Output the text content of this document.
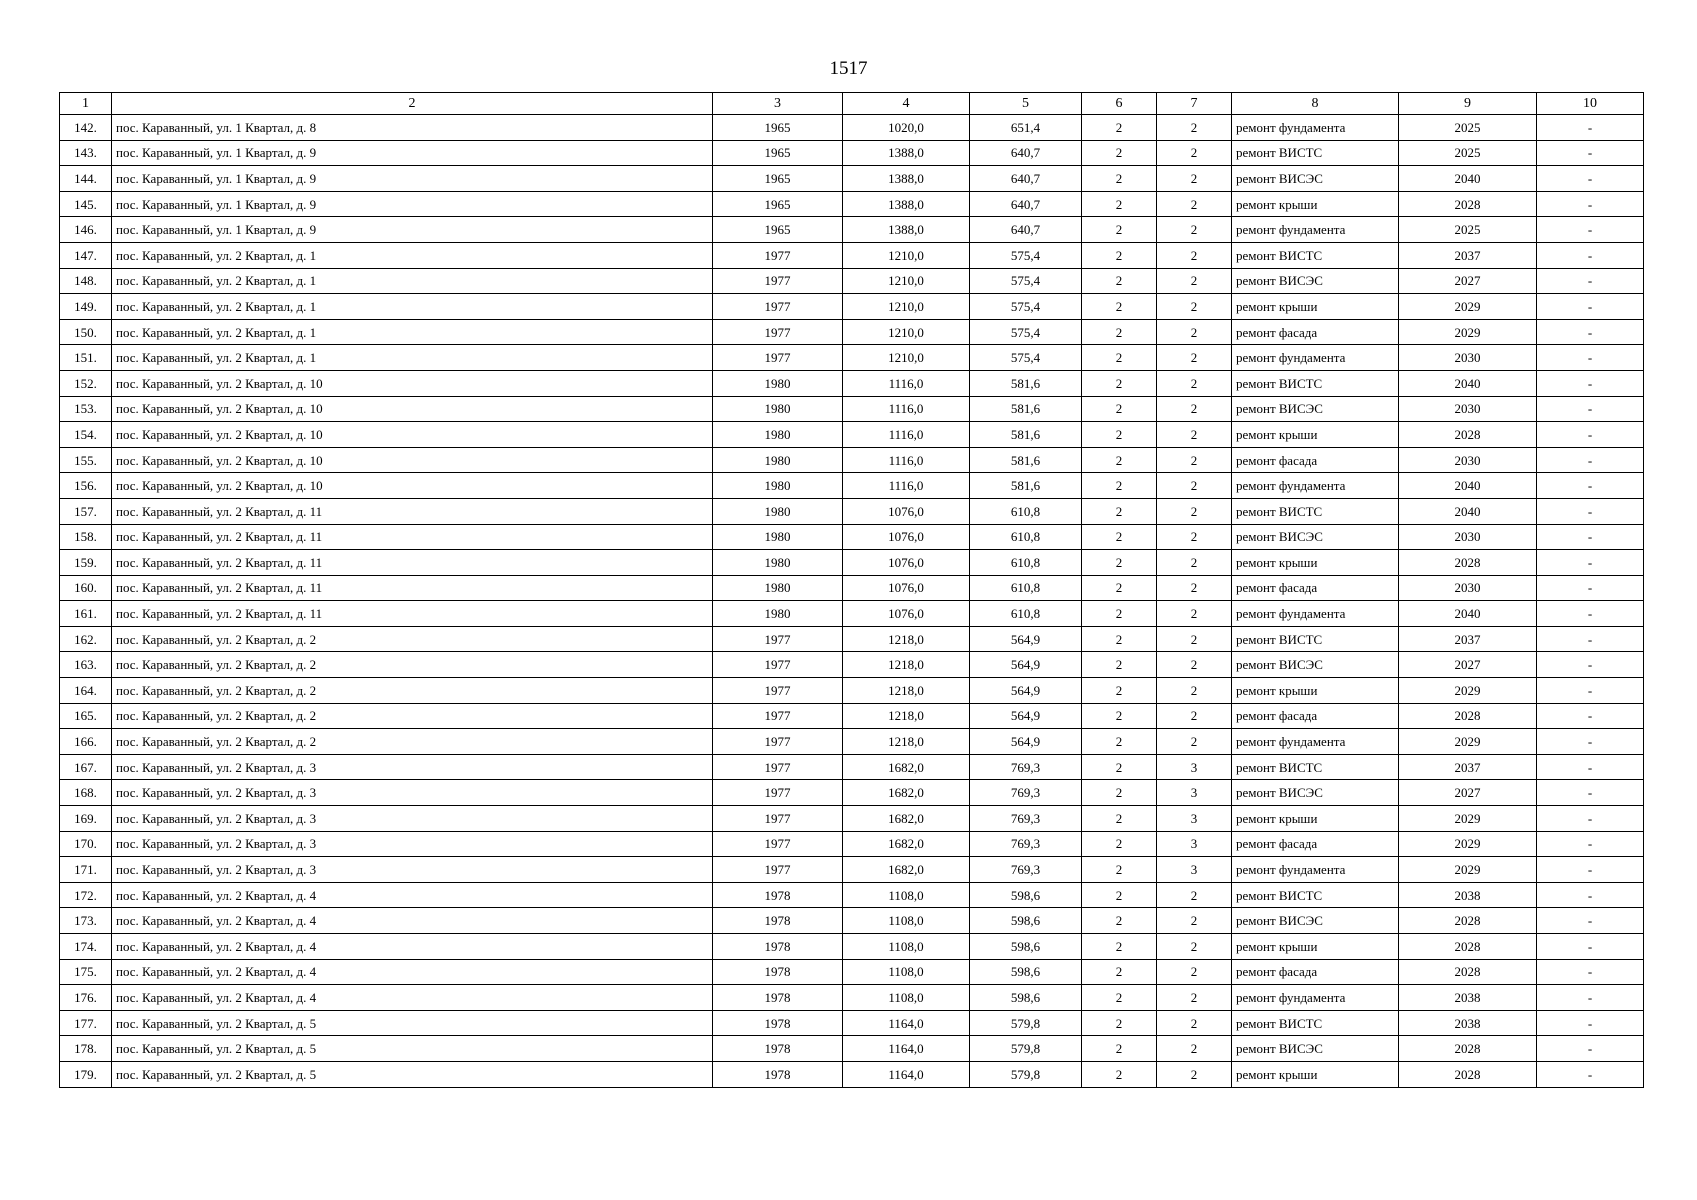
1517
1	2	3	4	5	6	7	8	9	10
142.	пос. Караванный, ул. 1 Квартал, д. 8	1965	1020,0	651,4	2	2	ремонт фундамента	2025	-
143.	пос. Караванный, ул. 1 Квартал, д. 9	1965	1388,0	640,7	2	2	ремонт ВИСТС	2025	-
144.	пос. Караванный, ул. 1 Квартал, д. 9	1965	1388,0	640,7	2	2	ремонт ВИСЭС	2040	-
145.	пос. Караванный, ул. 1 Квартал, д. 9	1965	1388,0	640,7	2	2	ремонт крыши	2028	-
146.	пос. Караванный, ул. 1 Квартал, д. 9	1965	1388,0	640,7	2	2	ремонт фундамента	2025	-
147.	пос. Караванный, ул. 2 Квартал, д. 1	1977	1210,0	575,4	2	2	ремонт ВИСТС	2037	-
148.	пос. Караванный, ул. 2 Квартал, д. 1	1977	1210,0	575,4	2	2	ремонт ВИСЭС	2027	-
149.	пос. Караванный, ул. 2 Квартал, д. 1	1977	1210,0	575,4	2	2	ремонт крыши	2029	-
150.	пос. Караванный, ул. 2 Квартал, д. 1	1977	1210,0	575,4	2	2	ремонт фасада	2029	-
151.	пос. Караванный, ул. 2 Квартал, д. 1	1977	1210,0	575,4	2	2	ремонт фундамента	2030	-
152.	пос. Караванный, ул. 2 Квартал, д. 10	1980	1116,0	581,6	2	2	ремонт ВИСТС	2040	-
153.	пос. Караванный, ул. 2 Квартал, д. 10	1980	1116,0	581,6	2	2	ремонт ВИСЭС	2030	-
154.	пос. Караванный, ул. 2 Квартал, д. 10	1980	1116,0	581,6	2	2	ремонт крыши	2028	-
155.	пос. Караванный, ул. 2 Квартал, д. 10	1980	1116,0	581,6	2	2	ремонт фасада	2030	-
156.	пос. Караванный, ул. 2 Квартал, д. 10	1980	1116,0	581,6	2	2	ремонт фундамента	2040	-
157.	пос. Караванный, ул. 2 Квартал, д. 11	1980	1076,0	610,8	2	2	ремонт ВИСТС	2040	-
158.	пос. Караванный, ул. 2 Квартал, д. 11	1980	1076,0	610,8	2	2	ремонт ВИСЭС	2030	-
159.	пос. Караванный, ул. 2 Квартал, д. 11	1980	1076,0	610,8	2	2	ремонт крыши	2028	-
160.	пос. Караванный, ул. 2 Квартал, д. 11	1980	1076,0	610,8	2	2	ремонт фасада	2030	-
161.	пос. Караванный, ул. 2 Квартал, д. 11	1980	1076,0	610,8	2	2	ремонт фундамента	2040	-
162.	пос. Караванный, ул. 2 Квартал, д. 2	1977	1218,0	564,9	2	2	ремонт ВИСТС	2037	-
163.	пос. Караванный, ул. 2 Квартал, д. 2	1977	1218,0	564,9	2	2	ремонт ВИСЭС	2027	-
164.	пос. Караванный, ул. 2 Квартал, д. 2	1977	1218,0	564,9	2	2	ремонт крыши	2029	-
165.	пос. Караванный, ул. 2 Квартал, д. 2	1977	1218,0	564,9	2	2	ремонт фасада	2028	-
166.	пос. Караванный, ул. 2 Квартал, д. 2	1977	1218,0	564,9	2	2	ремонт фундамента	2029	-
167.	пос. Караванный, ул. 2 Квартал, д. 3	1977	1682,0	769,3	2	3	ремонт ВИСТС	2037	-
168.	пос. Караванный, ул. 2 Квартал, д. 3	1977	1682,0	769,3	2	3	ремонт ВИСЭС	2027	-
169.	пос. Караванный, ул. 2 Квартал, д. 3	1977	1682,0	769,3	2	3	ремонт крыши	2029	-
170.	пос. Караванный, ул. 2 Квартал, д. 3	1977	1682,0	769,3	2	3	ремонт фасада	2029	-
171.	пос. Караванный, ул. 2 Квартал, д. 3	1977	1682,0	769,3	2	3	ремонт фундамента	2029	-
172.	пос. Караванный, ул. 2 Квартал, д. 4	1978	1108,0	598,6	2	2	ремонт ВИСТС	2038	-
173.	пос. Караванный, ул. 2 Квартал, д. 4	1978	1108,0	598,6	2	2	ремонт ВИСЭС	2028	-
174.	пос. Караванный, ул. 2 Квартал, д. 4	1978	1108,0	598,6	2	2	ремонт крыши	2028	-
175.	пос. Караванный, ул. 2 Квартал, д. 4	1978	1108,0	598,6	2	2	ремонт фасада	2028	-
176.	пос. Караванный, ул. 2 Квартал, д. 4	1978	1108,0	598,6	2	2	ремонт фундамента	2038	-
177.	пос. Караванный, ул. 2 Квартал, д. 5	1978	1164,0	579,8	2	2	ремонт ВИСТС	2038	-
178.	пос. Караванный, ул. 2 Квартал, д. 5	1978	1164,0	579,8	2	2	ремонт ВИСЭС	2028	-
179.	пос. Караванный, ул. 2 Квартал, д. 5	1978	1164,0	579,8	2	2	ремонт крыши	2028	-
